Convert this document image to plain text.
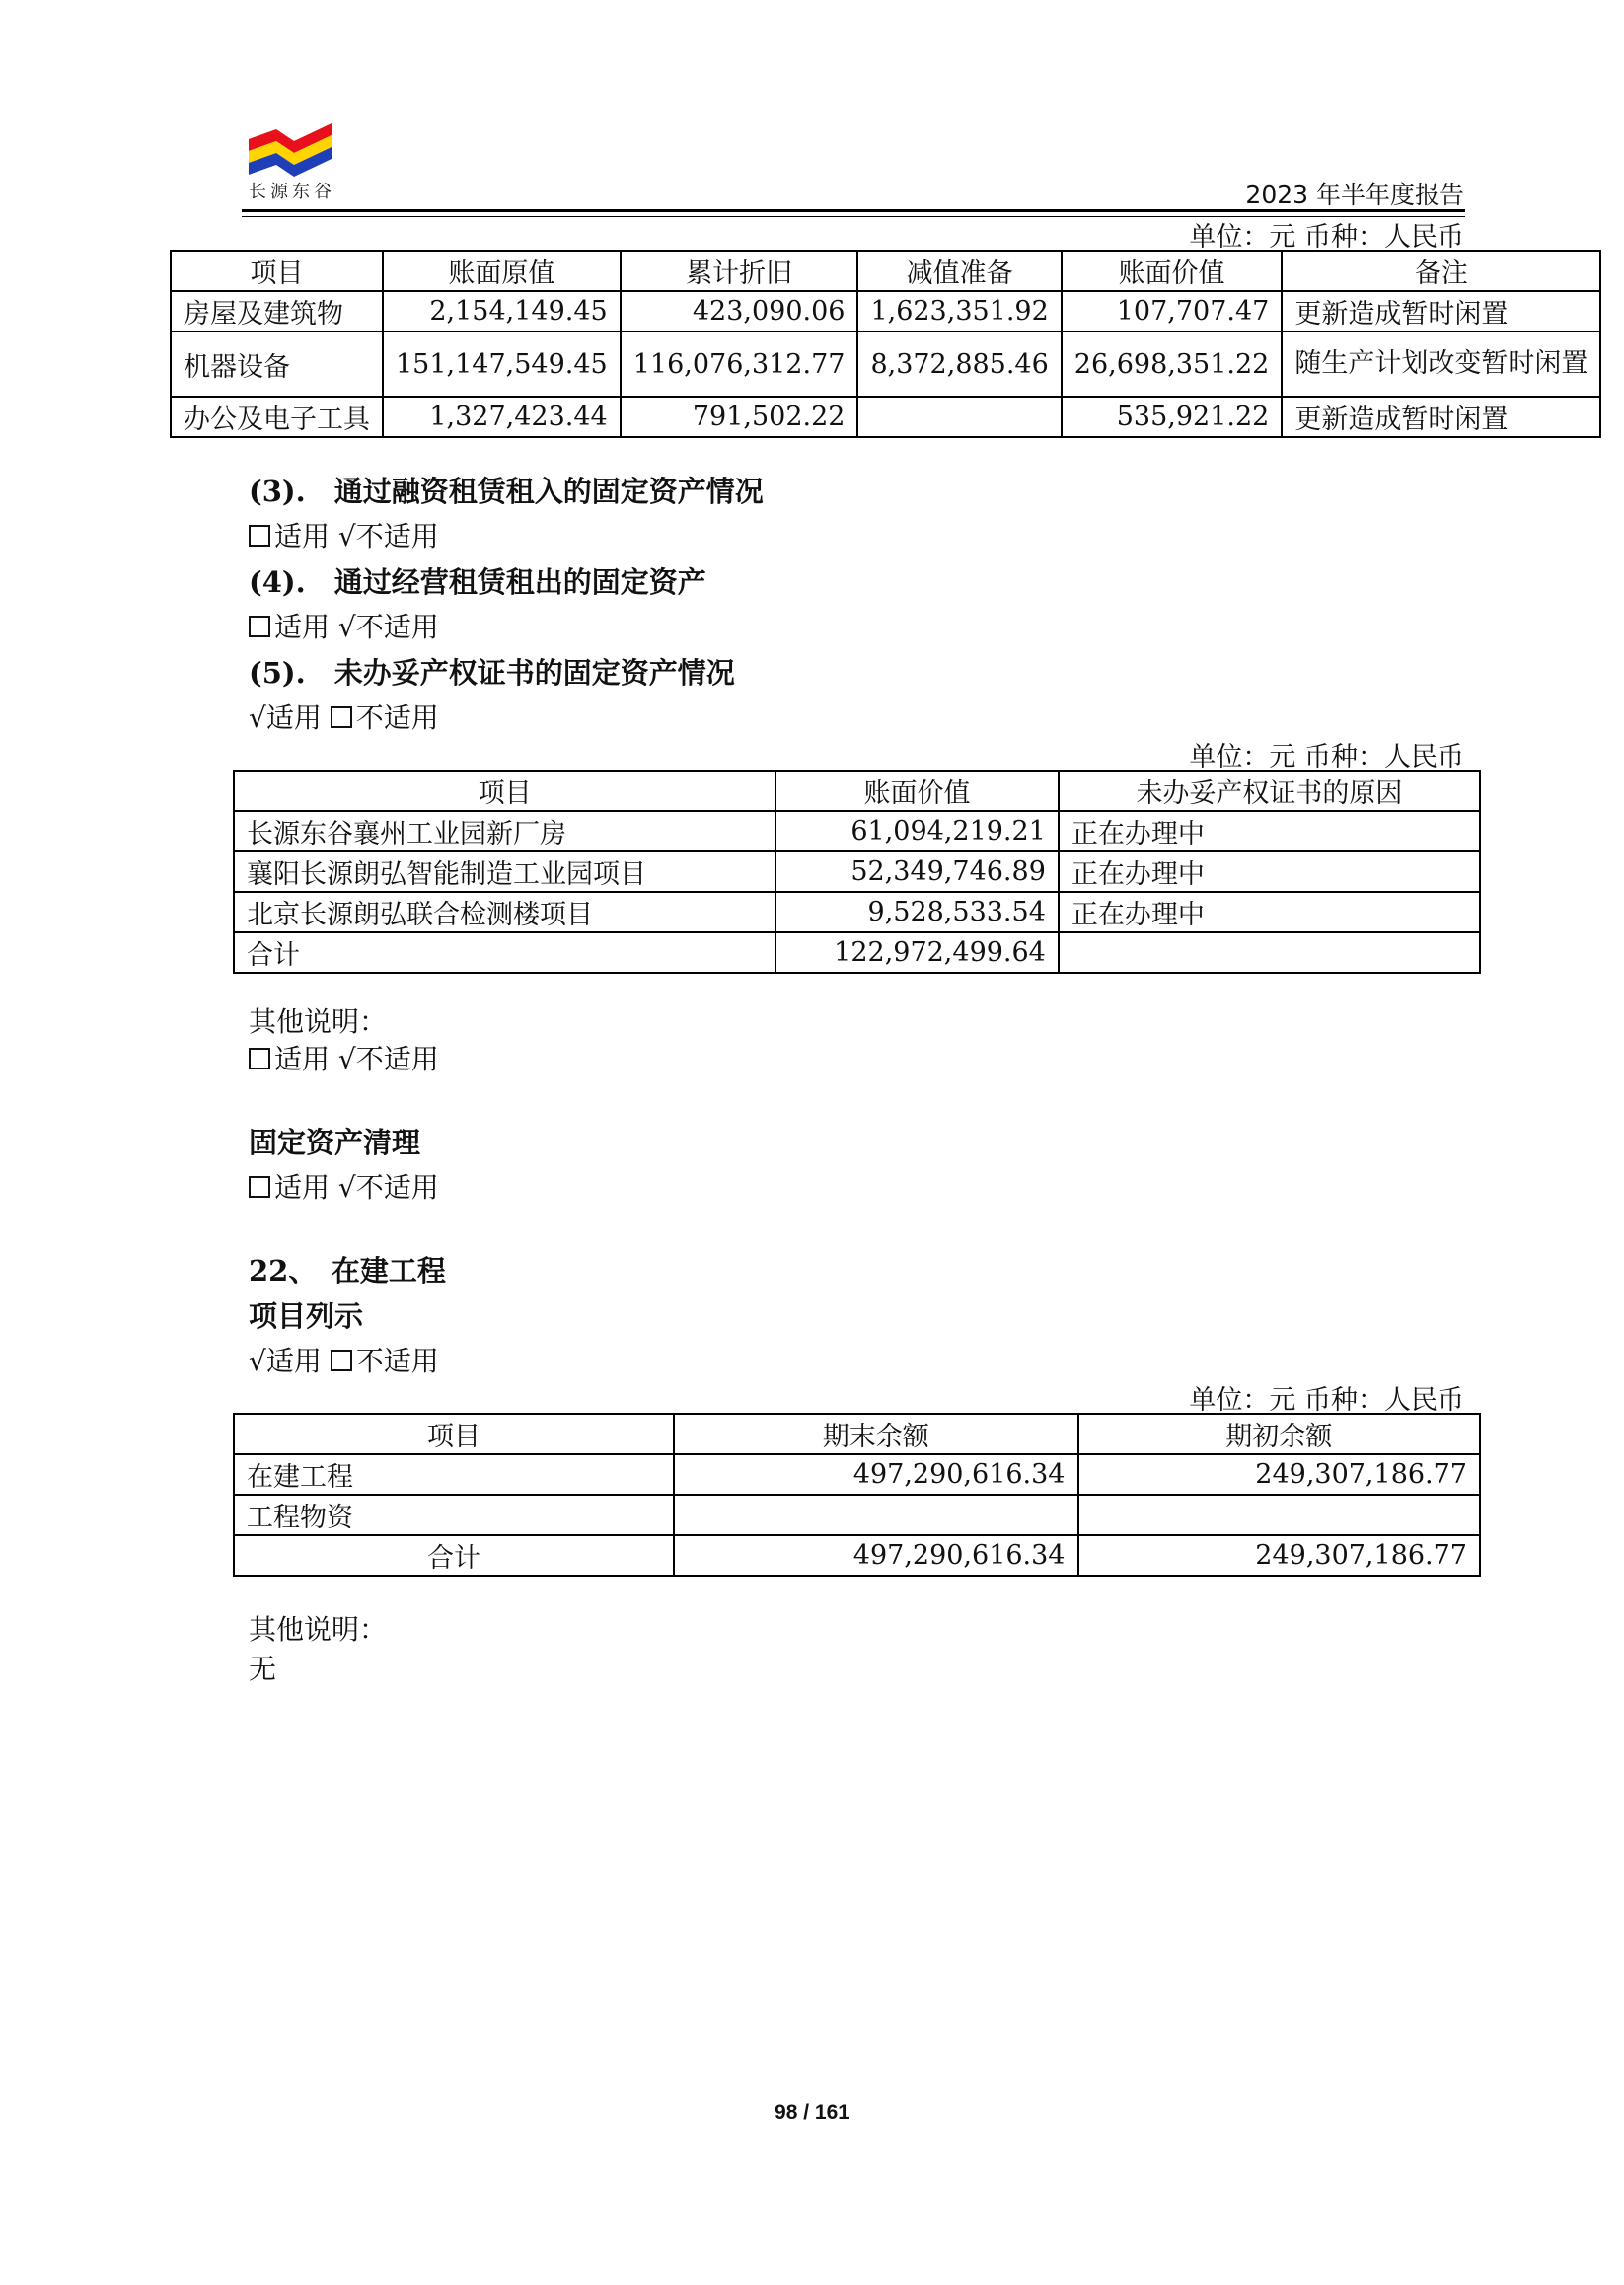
长源东谷	2023 年半年度报告
单位：元 币种：人民币
项目	账面原值	累计折旧	减值准备	账面价值	备注
房屋及建筑物	2,154,149.45	423,090.06	1,623,351.92	107,707.47	更新造成暂时闲置
机器设备	151,147,549.45	116,076,312.77	8,372,885.46	26,698,351.22	随生产计划改变暂时闲置
办公及电子工具	1,327,423.44	791,502.22		535,921.22	更新造成暂时闲置
(3).　通过融资租赁租入的固定资产情况
适用 √不适用
(4).　通过经营租赁租出的固定资产
适用 √不适用
(5).　未办妥产权证书的固定资产情况
√适用 不适用
单位：元 币种：人民币
项目	账面价值	未办妥产权证书的原因
长源东谷襄州工业园新厂房	61,094,219.21	正在办理中
襄阳长源朗弘智能制造工业园项目	52,349,746.89	正在办理中
北京长源朗弘联合检测楼项目	9,528,533.54	正在办理中
合计	122,972,499.64	
其他说明：
适用 √不适用
固定资产清理
适用 √不适用
22、　在建工程
项目列示
√适用 不适用
单位：元 币种：人民币
项目	期末余额	期初余额
在建工程	497,290,616.34	249,307,186.77
工程物资		
合计	497,290,616.34	249,307,186.77
其他说明：
无
98 / 161
